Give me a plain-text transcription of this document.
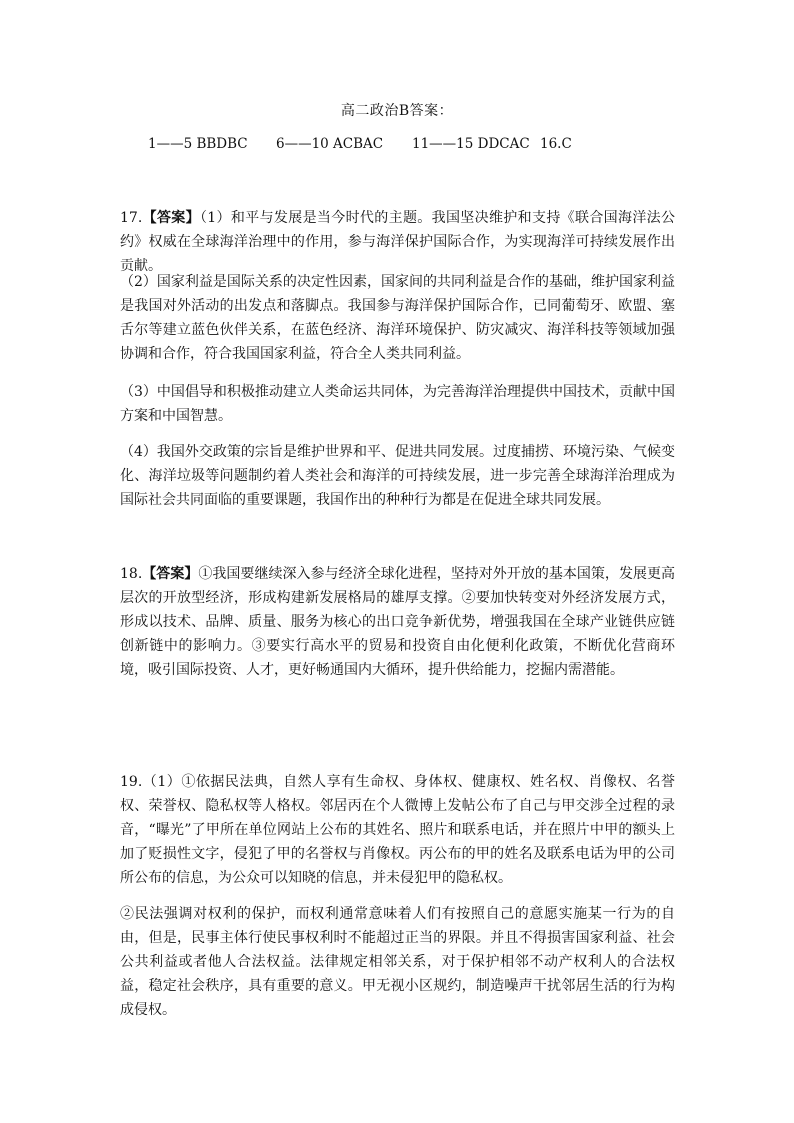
高二政治B答案：
1——5 BBDBC 6——10 ACBAC 11——15 DDCAC 16.C

17.【答案】（1）和平与发展是当今时代的主题。我国坚决维护和支持《联合国海洋法公约》权威在全球海洋治理中的作用，参与海洋保护国际合作，为实现海洋可持续发展作出贡献。

（2）国家利益是国际关系的决定性因素，国家间的共同利益是合作的基础，维护国家利益是我国对外活动的出发点和落脚点。我国参与海洋保护国际合作，已同葡萄牙、欧盟、塞舌尔等建立蓝色伙伴关系，在蓝色经济、海洋环境保护、防灾减灾、海洋科技等领域加强协调和合作，符合我国国家利益，符合全人类共同利益。

（3）中国倡导和积极推动建立人类命运共同体，为完善海洋治理提供中国技术，贡献中国方案和中国智慧。

（4）我国外交政策的宗旨是维护世界和平、促进共同发展。过度捕捞、环境污染、气候变化、海洋垃圾等问题制约着人类社会和海洋的可持续发展，进一步完善全球海洋治理成为国际社会共同面临的重要课题，我国作出的种种行为都是在促进全球共同发展。

18.【答案】①我国要继续深入参与经济全球化进程，坚持对外开放的基本国策，发展更高层次的开放型经济，形成构建新发展格局的雄厚支撑。②要加快转变对外经济发展方式，形成以技术、品牌、质量、服务为核心的出口竞争新优势，增强我国在全球产业链供应链创新链中的影响力。③要实行高水平的贸易和投资自由化便利化政策，不断优化营商环境，吸引国际投资、人才，更好畅通国内大循环，提升供给能力，挖掘内需潜能。

19.（1）①依据民法典，自然人享有生命权、身体权、健康权、姓名权、肖像权、名誉权、荣誉权、隐私权等人格权。邻居丙在个人微博上发帖公布了自己与甲交涉全过程的录音，“曝光”了甲所在单位网站上公布的其姓名、照片和联系电话，并在照片中甲的额头上加了贬损性文字，侵犯了甲的名誉权与肖像权。丙公布的甲的姓名及联系电话为甲的公司所公布的信息，为公众可以知晓的信息，并未侵犯甲的隐私权。

②民法强调对权利的保护，而权利通常意味着人们有按照自己的意愿实施某一行为的自由，但是，民事主体行使民事权利时不能超过正当的界限。并且不得损害国家利益、社会公共利益或者他人合法权益。法律规定相邻关系，对于保护相邻不动产权利人的合法权益，稳定社会秩序，具有重要的意义。甲无视小区规约，制造噪声干扰邻居生活的行为构成侵权。
